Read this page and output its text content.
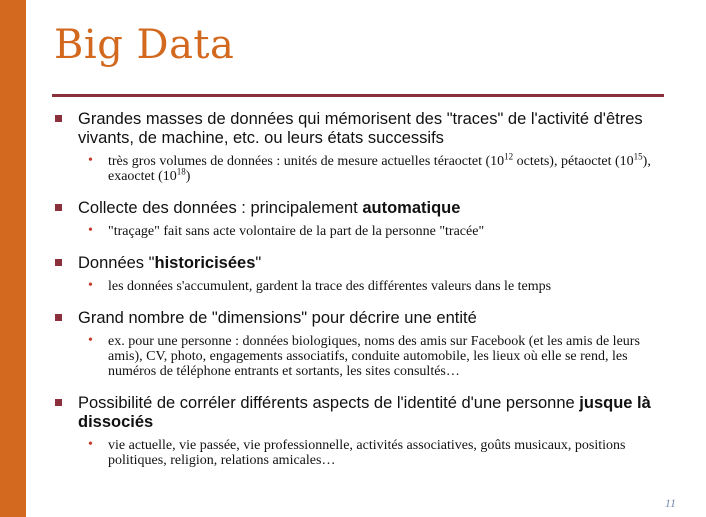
Big Data
Grandes masses de données qui mémorisent des "traces" de l'activité d'êtres vivants, de machine, etc. ou leurs états successifs
• très gros volumes de données : unités de mesure actuelles téraoctet ($10^{12}$ octets), pétaoctet $(10^{15})$, exaoctet $(10^{18})$
Collecte des données : principalement automatique
• "traçage" fait sans acte volontaire de la part de la personne "tracée"
Données "historicisées"
• les données s'accumulent, gardent la trace des différentes valeurs dans le temps
Grand nombre de "dimensions" pour décrire une entité
• ex. pour une personne : données biologiques, noms des amis sur Facebook (et les amis de leurs amis), CV, photo, engagements associatifs, conduite automobile, les lieux où elle se rend, les numéros de téléphone entrants et sortants, les sites consultés…
Possibilité de corréler différents aspects de l'identité d'une personne jusque là dissociés
• vie actuelle, vie passée, vie professionnelle, activités associatives, goûts musicaux, positions politiques, religion, relations amicales…
11
